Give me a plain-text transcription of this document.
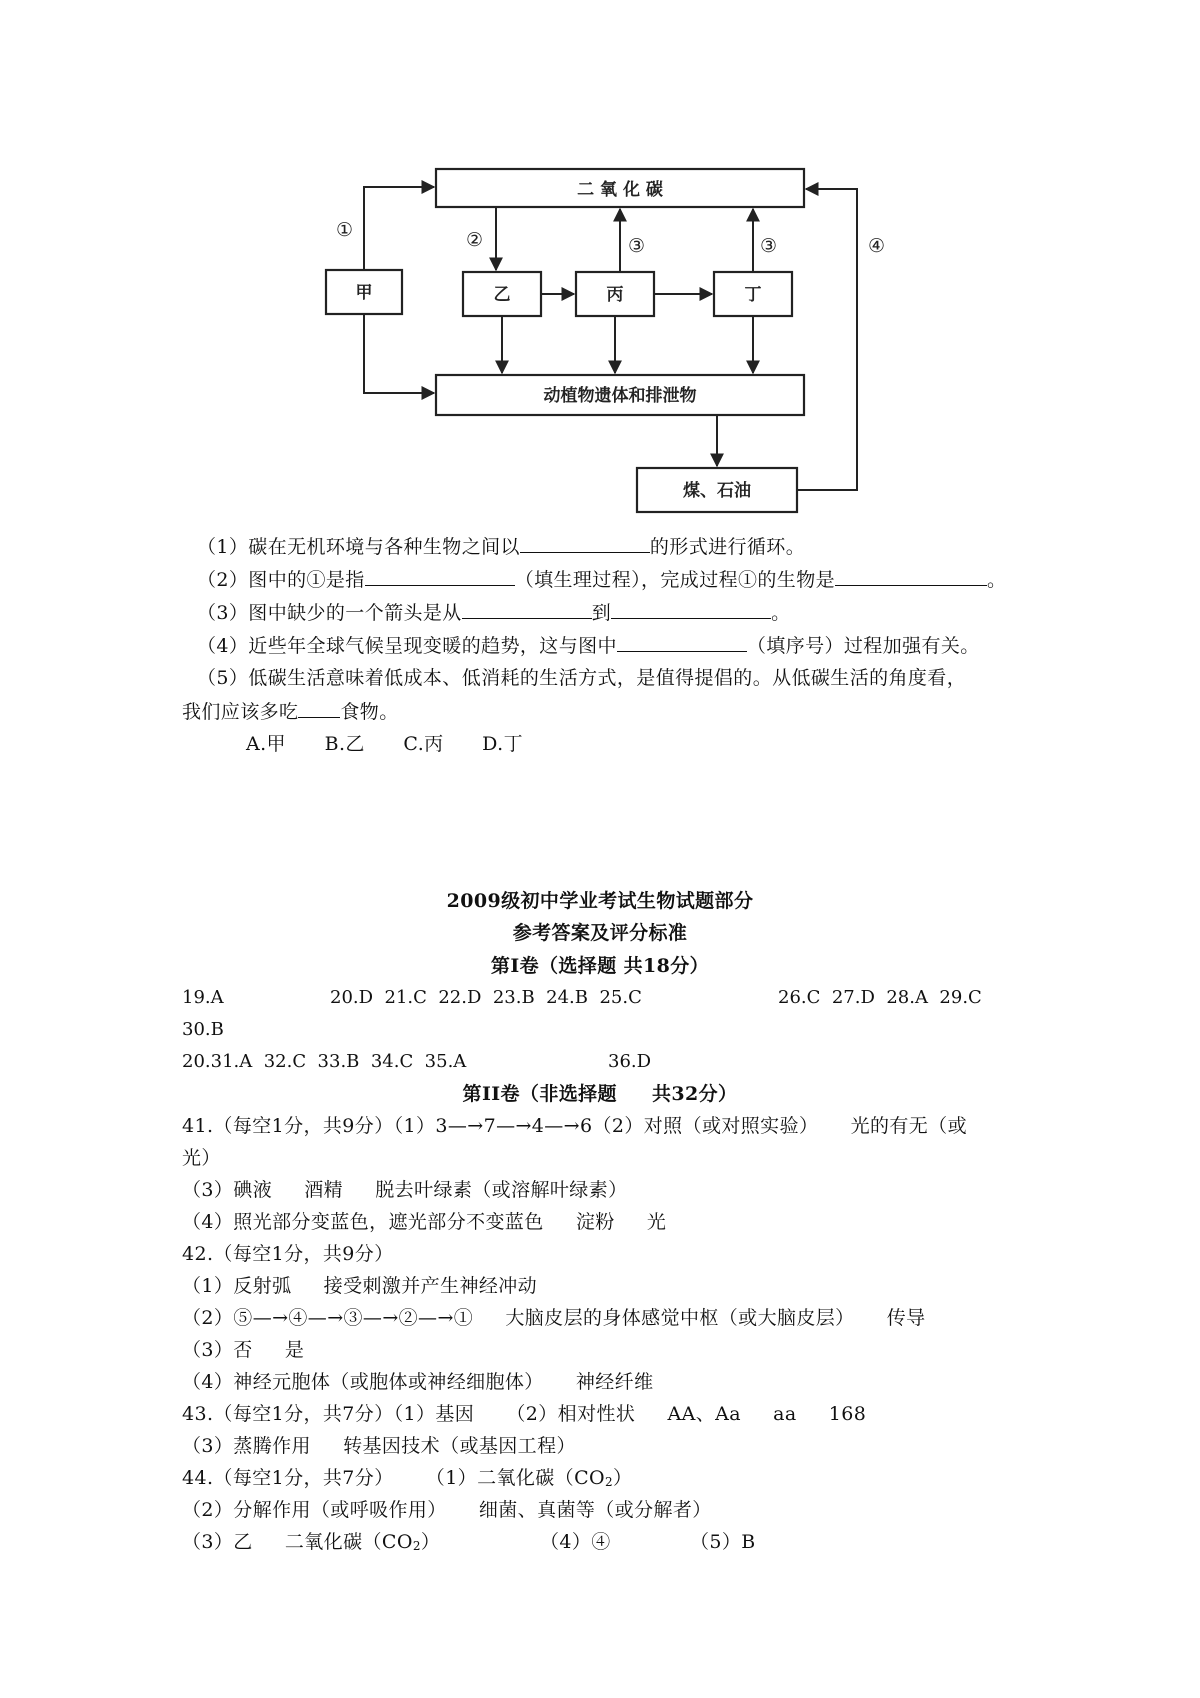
二 氧 化 碳
甲	乙	丙	丁
动植物遗体和排泄物
煤、石油
①	②	③	③	④
（1）碳在无机环境与各种生物之间以	的形式进行循环。
（2）图中的①是指	（填生理过程），完成过程①的生物是	。
（3）图中缺少的一个箭头是从	到	。
（4）近些年全球气候呈现变暖的趋势，这与图中	（填序号）过程加强有关。
（5）低碳生活意味着低成本、低消耗的生活方式，是值得提倡的。从低碳生活的角度看，
我们应该多吃 食物。
A.甲      B.乙      C.丙      D.丁
2009级初中学业考试生物试题部分
参考答案及评分标准
第Ⅰ卷（选择题 共18分）
19.A	20.D  21.C  22.D  23.B  24.B  25.C	26.C  27.D  28.A  29.C
30.B
20.31.A  32.C  33.B  34.C  35.A	36.D
第II卷（非选择题     共32分）
41.（每空1分，共9分）（1）3—→7—→4—→6（2）对照（或对照实验）     光的有无（或
光）
（3）碘液     酒精     脱去叶绿素（或溶解叶绿素）
（4）照光部分变蓝色，遮光部分不变蓝色     淀粉     光
42.（每空1分，共9分）
（1）反射弧     接受刺激并产生神经冲动
（2）⑤—→④—→③—→②—→①     大脑皮层的身体感觉中枢（或大脑皮层）     传导
（3）否     是
（4）神经元胞体（或胞体或神经细胞体）     神经纤维
43.（每空1分，共7分）（1）基因     （2）相对性状     AA、Aa     aa     168
（3）蒸腾作用     转基因技术（或基因工程）
44.（每空1分，共7分）     （1）二氧化碳（CO2）
（2）分解作用（或呼吸作用）     细菌、真菌等（或分解者）
（3）乙     二氧化碳（CO2）	（4）④	（5）B
